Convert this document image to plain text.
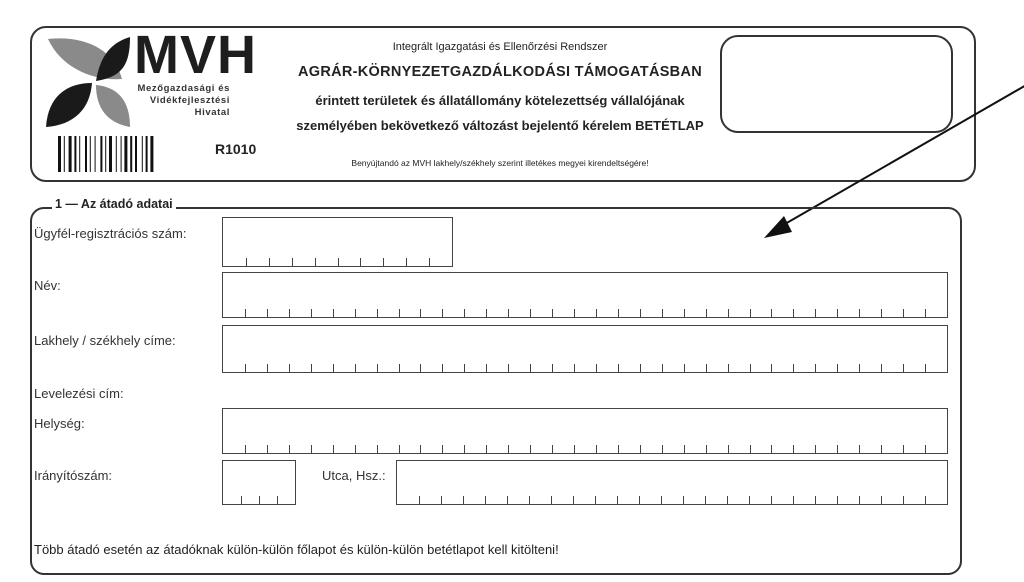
MVH
Mezőgazdasági és
Vidékfejlesztési
Hivatal
R1010
Integrált Igazgatási és Ellenőrzési Rendszer
AGRÁR-KÖRNYEZETGAZDÁLKODÁSI TÁMOGATÁSBAN
érintett területek és állatállomány kötelezettség vállalójának
személyében bekövetkező változást bejelentő kérelem BETÉTLAP
Benyújtandó az MVH lakhely/székhely szerint illetékes megyei kirendeltségére!
1 — Az átadó adatai
Ügyfél-regisztrációs szám:
Név:
Lakhely / székhely címe:
Levelezési cím:
Helység:
Irányítószám:	Utca, Hsz.:
Több átadó esetén az átadóknak külön-külön főlapot és külön-külön betétlapot kell kitölteni!
